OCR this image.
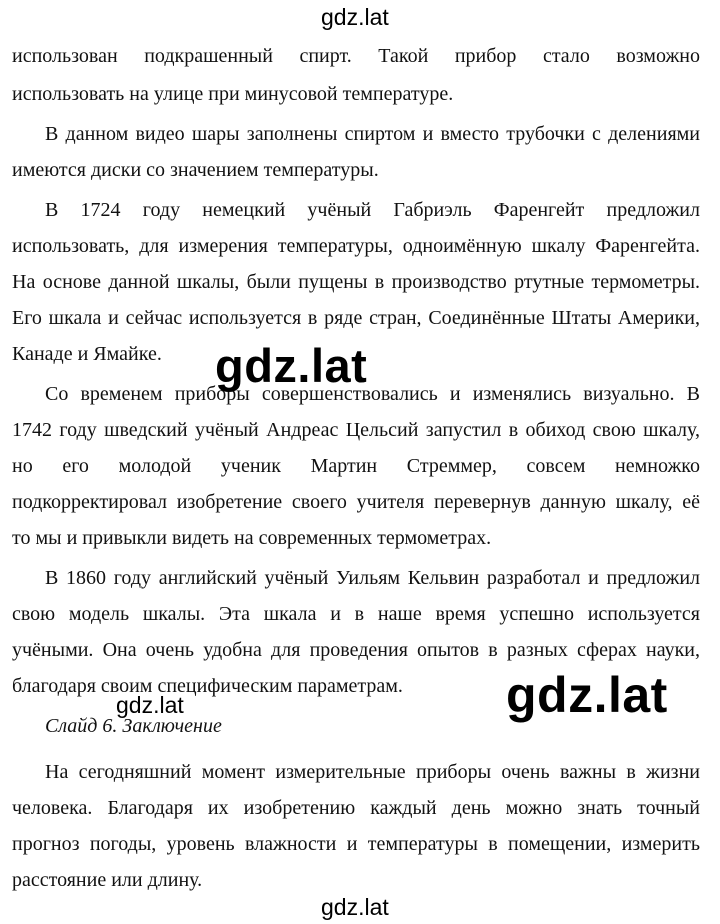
использован подкрашенный спирт. Такой прибор стало возможно
использовать на улице при минусовой температуре.
В данном видео шары заполнены спиртом и вместо трубочки с делениями
имеются диски со значением температуры.
В 1724 году немецкий учёный Габриэль Фаренгейт предложил
использовать, для измерения температуры, одноимённую шкалу Фаренгейта.
На основе данной шкалы, были пущены в производство ртутные термометры.
Его шкала и сейчас используется в ряде стран, Соединённые Штаты Америки,
Канаде и Ямайке.
Со временем приборы совершенствовались и изменялись визуально. В
1742 году шведский учёный Андреас Цельсий запустил в обиход свою шкалу,
но его молодой ученик Мартин Стреммер, совсем немножко
подкорректировал изобретение своего учителя перевернув данную шкалу, её
то мы и привыкли видеть на современных термометрах.
В 1860 году английский учёный Уильям Кельвин разработал и предложил
свою модель шкалы. Эта шкала и в наше время успешно используется
учёными. Она очень удобна для проведения опытов в разных сферах науки,
благодаря своим специфическим параметрам.
Слайд 6. Заключение
На сегодняшний момент измерительные приборы очень важны в жизни
человека. Благодаря их изобретению каждый день можно знать точный
прогноз погоды, уровень влажности и температуры в помещении, измерить
расстояние или длину.
gdz.lat
gdz.lat
gdz.lat
gdz.lat
gdz.lat
